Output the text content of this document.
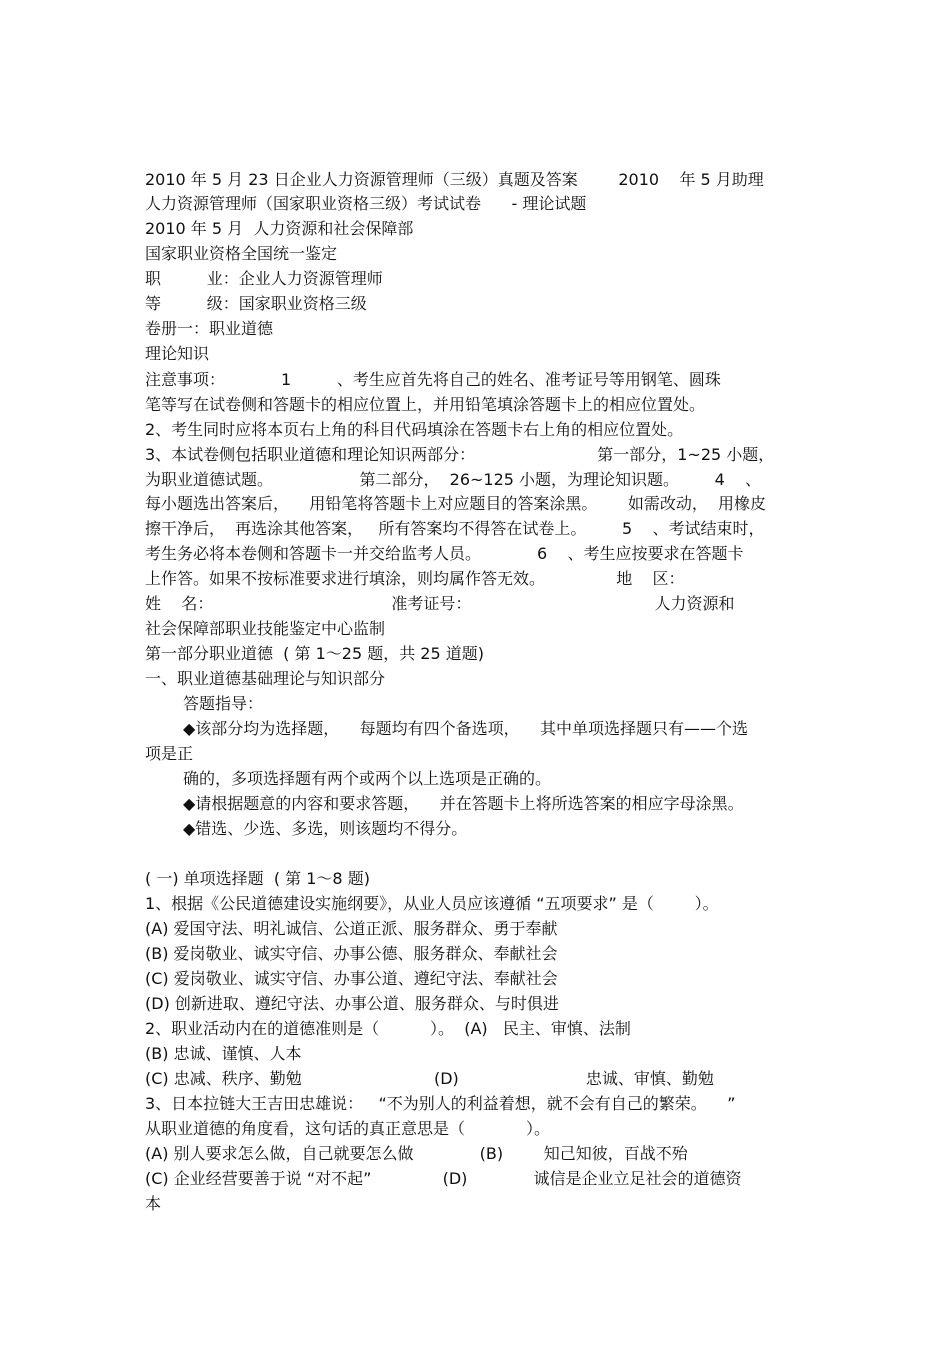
2010 年 5 月 23 日企业人力资源管理师（三级）真题及答案        2010    年 5 月助理
人力资源管理师（国家职业资格三级）考试试卷      - 理论试题
2010 年 5 月  人力资源和社会保障部
国家职业资格全国统一鉴定
职         业：企业人力资源管理师
等         级：国家职业资格三级
卷册一：职业道德
理论知识
注意事项：           1         、考生应首先将自己的姓名、准考证号等用钢笔、圆珠
笔等写在试卷侧和答题卡的相应位置上，并用铅笔填涂答题卡上的相应位置处。
2、考生同时应将本页右上角的科目代码填涂在答题卡右上角的相应位置处。
3、本试卷侧包括职业道德和理论知识两部分：                        第一部分，1~25 小题，
为职业道德试题。                 第二部分，  26~125 小题，为理论知识题。       4    、
每小题选出答案后，    用铅笔将答题卡上对应题目的答案涂黑。      如需改动，  用橡皮
擦干净后，  再选涂其他答案，   所有答案均不得答在试卷上。       5    、考试结束时，
考生务必将本卷侧和答题卡一并交给监考人员。           6    、考生应按要求在答题卡
上作答。如果不按标准要求进行填涂，则均属作答无效。              地    区：
姓    名：                                   准考证号：                                    人力资源和
社会保障部职业技能鉴定中心监制
第一部分职业道德  ( 第 1～25 题，共 25 道题)
一、职业道德基础理论与知识部分
答题指导：
◆该部分均为选择题，    每题均有四个备选项，    其中单项选择题只有——个选
项是正
确的，多项选择题有两个或两个以上选项是正确的。
◆请根据题意的内容和要求答题，    并在答题卡上将所选答案的相应字母涂黑。
◆错选、少选、多选，则该题均不得分。
( 一) 单项选择题  ( 第 1～8 题)
1、根据《公民道德建设实施纲要》，从业人员应该遵循 “五项要求” 是（        ）。
(A) 爱国守法、明礼诚信、公道正派、服务群众、勇于奉献
(B) 爱岗敬业、诚实守信、办事公德、服务群众、奉献社会
(C) 爱岗敬业、诚实守信、办事公道、遵纪守法、奉献社会
(D) 创新进取、遵纪守法、办事公道、服务群众、与时俱进
2、职业活动内在的道德准则是（          ）。  (A)   民主、审慎、法制
(B) 忠诚、谨慎、人本
(C) 忠减、秩序、勤勉                          (D)                         忠诚、审慎、勤勉
3、日本拉链大王吉田忠雄说：   “不为别人的利益着想，就不会有自己的繁荣。    ”
从职业道德的角度看，这句话的真正意思是（            ）。
(A) 别人要求怎么做，自己就要怎么做             (B)        知己知彼，百战不殆
(C) 企业经营要善于说 “对不起”              (D)             诚信是企业立足社会的道德资
本
